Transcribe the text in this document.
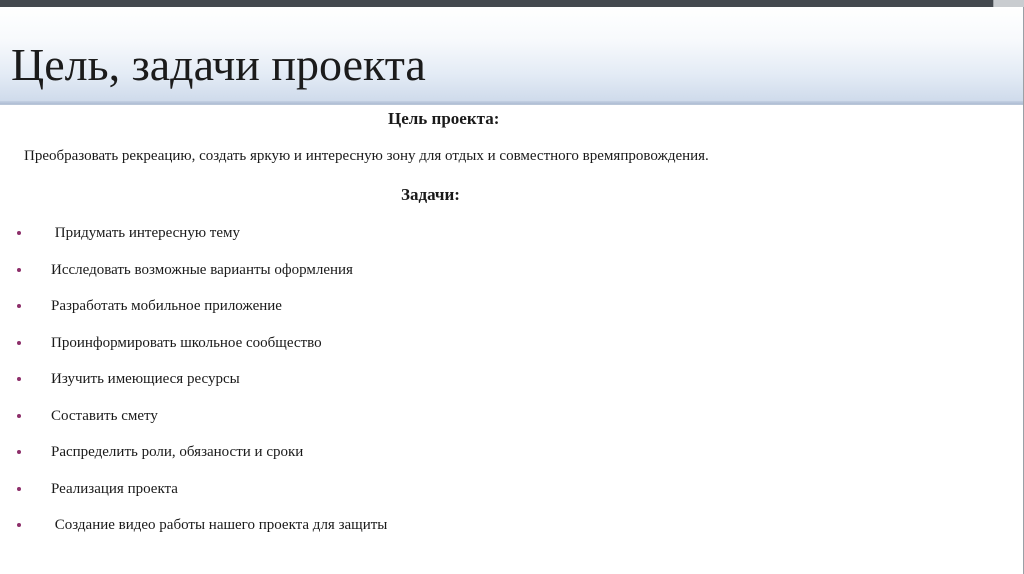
Цель, задачи проекта
Цель проекта:

Преобразовать рекреацию, создать яркую и интересную зону для отдых и совместного времяпровождения.

Задачи:
Придумать интересную тему
Исследовать возможные варианты оформления
Разработать мобильное приложение
Проинформировать школьное сообщество
Изучить имеющиеся ресурсы
Составить смету
Распределить роли, обязаности и сроки
Реализация проекта
Создание видео работы нашего проекта для защиты
